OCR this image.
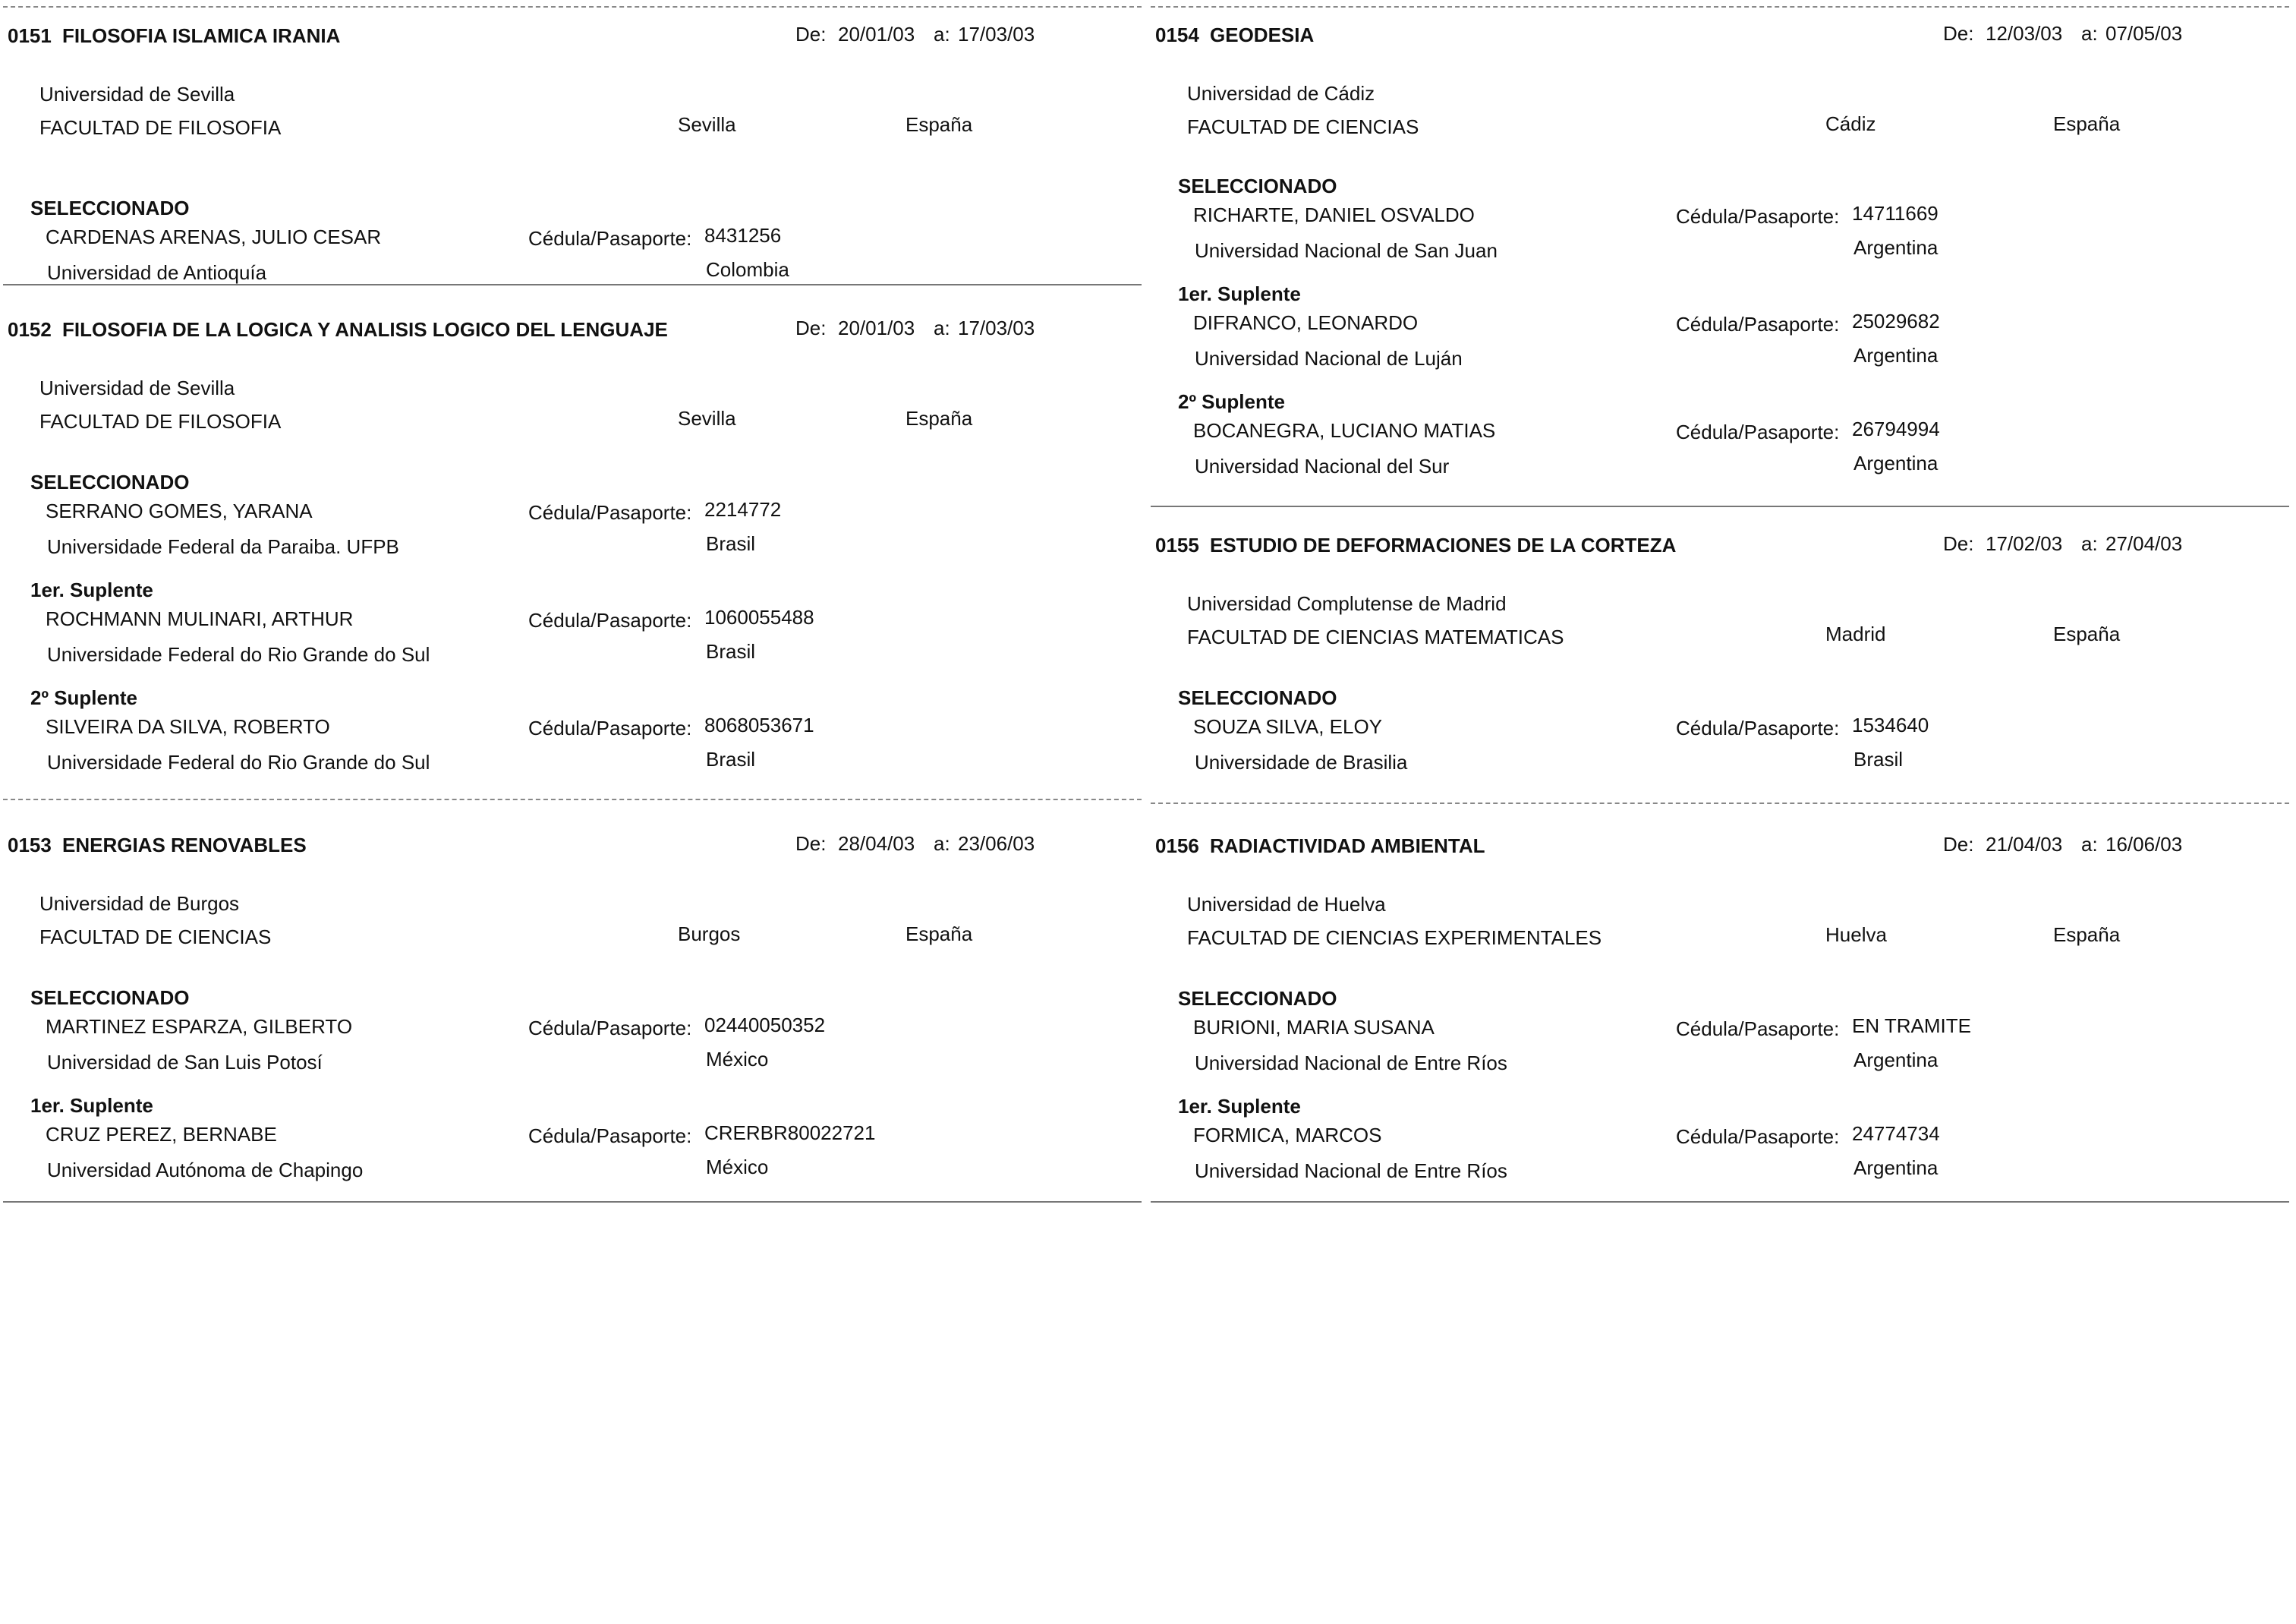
0151 FILOSOFIA ISLAMICA IRANIA	De: 20/01/03 a: 17/03/03
Universidad de Sevilla
FACULTAD DE FILOSOFIA	Sevilla	España
SELECCIONADO
CARDENAS ARENAS, JULIO CESAR	Cédula/Pasaporte: 8431256
Universidad de Antioquía	Colombia
0152 FILOSOFIA DE LA LOGICA Y ANALISIS LOGICO DEL LENGUAJE	De: 20/01/03 a: 17/03/03
Universidad de Sevilla
FACULTAD DE FILOSOFIA	Sevilla	España
SELECCIONADO
SERRANO GOMES, YARANA	Cédula/Pasaporte: 2214772
Universidade Federal da Paraiba. UFPB	Brasil
1er. Suplente
ROCHMANN MULINARI, ARTHUR	Cédula/Pasaporte: 1060055488
Universidade Federal do Rio Grande do Sul	Brasil
2º Suplente
SILVEIRA DA SILVA, ROBERTO	Cédula/Pasaporte: 8068053671
Universidade Federal do Rio Grande do Sul	Brasil
0153 ENERGIAS RENOVABLES	De: 28/04/03 a: 23/06/03
Universidad de Burgos
FACULTAD DE CIENCIAS	Burgos	España
SELECCIONADO
MARTINEZ ESPARZA, GILBERTO	Cédula/Pasaporte: 02440050352
Universidad de San Luis Potosí	México
1er. Suplente
CRUZ PEREZ, BERNABE	Cédula/Pasaporte: CRERBR80022721
Universidad Autónoma de Chapingo	México
0154 GEODESIA	De: 12/03/03 a: 07/05/03
Universidad de Cádiz
FACULTAD DE CIENCIAS	Cádiz	España
SELECCIONADO
RICHARTE, DANIEL OSVALDO	Cédula/Pasaporte: 14711669
Universidad Nacional de San Juan	Argentina
1er. Suplente
DIFRANCO, LEONARDO	Cédula/Pasaporte: 25029682
Universidad Nacional de Luján	Argentina
2º Suplente
BOCANEGRA, LUCIANO MATIAS	Cédula/Pasaporte: 26794994
Universidad Nacional del Sur	Argentina
0155 ESTUDIO DE DEFORMACIONES DE LA CORTEZA	De: 17/02/03 a: 27/04/03
Universidad Complutense de Madrid
FACULTAD DE CIENCIAS MATEMATICAS	Madrid	España
SELECCIONADO
SOUZA SILVA, ELOY	Cédula/Pasaporte: 1534640
Universidade de Brasilia	Brasil
0156 RADIACTIVIDAD AMBIENTAL	De: 21/04/03 a: 16/06/03
Universidad de Huelva
FACULTAD DE CIENCIAS EXPERIMENTALES	Huelva	España
SELECCIONADO
BURIONI, MARIA SUSANA	Cédula/Pasaporte: EN TRAMITE
Universidad Nacional de Entre Ríos	Argentina
1er. Suplente
FORMICA, MARCOS	Cédula/Pasaporte: 24774734
Universidad Nacional de Entre Ríos	Argentina
